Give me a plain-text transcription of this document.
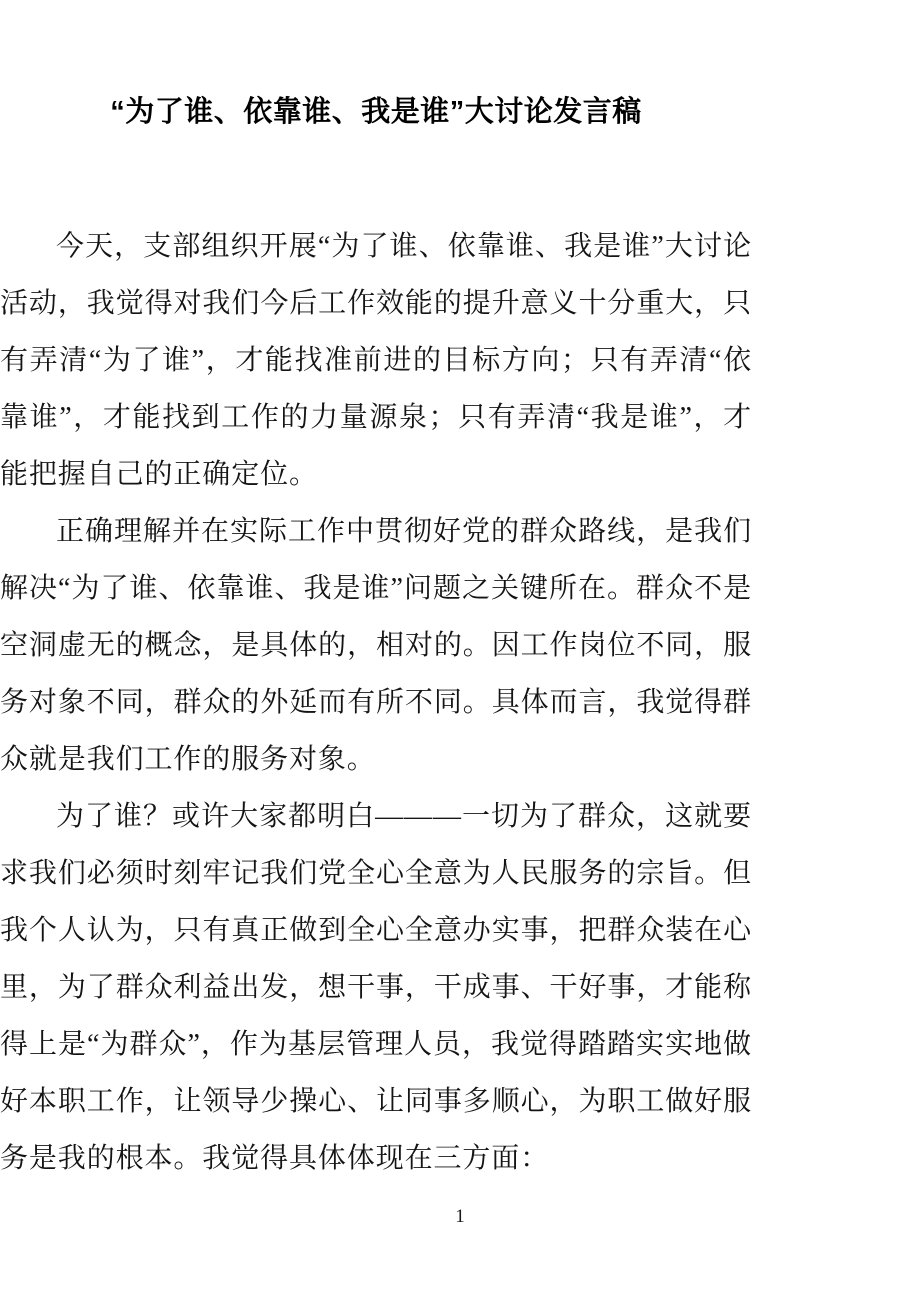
“为了谁、依靠谁、我是谁”大讨论发言稿

今天，支部组织开展“为了谁、依靠谁、我是谁”大讨论活动，我觉得对我们今后工作效能的提升意义十分重大，只有弄清“为了谁”，才能找准前进的目标方向；只有弄清“依靠谁”，才能找到工作的力量源泉；只有弄清“我是谁”，才能把握自己的正确定位。

正确理解并在实际工作中贯彻好党的群众路线，是我们解决“为了谁、依靠谁、我是谁”问题之关键所在。群众不是空洞虚无的概念，是具体的，相对的。因工作岗位不同，服务对象不同，群众的外延而有所不同。具体而言，我觉得群众就是我们工作的服务对象。

为了谁？或许大家都明白———一切为了群众，这就要求我们必须时刻牢记我们党全心全意为人民服务的宗旨。但我个人认为，只有真正做到全心全意办实事，把群众装在心里，为了群众利益出发，想干事，干成事、干好事，才能称得上是“为群众”，作为基层管理人员，我觉得踏踏实实地做好本职工作，让领导少操心、让同事多顺心，为职工做好服务是我的根本。我觉得具体体现在三方面：

1
